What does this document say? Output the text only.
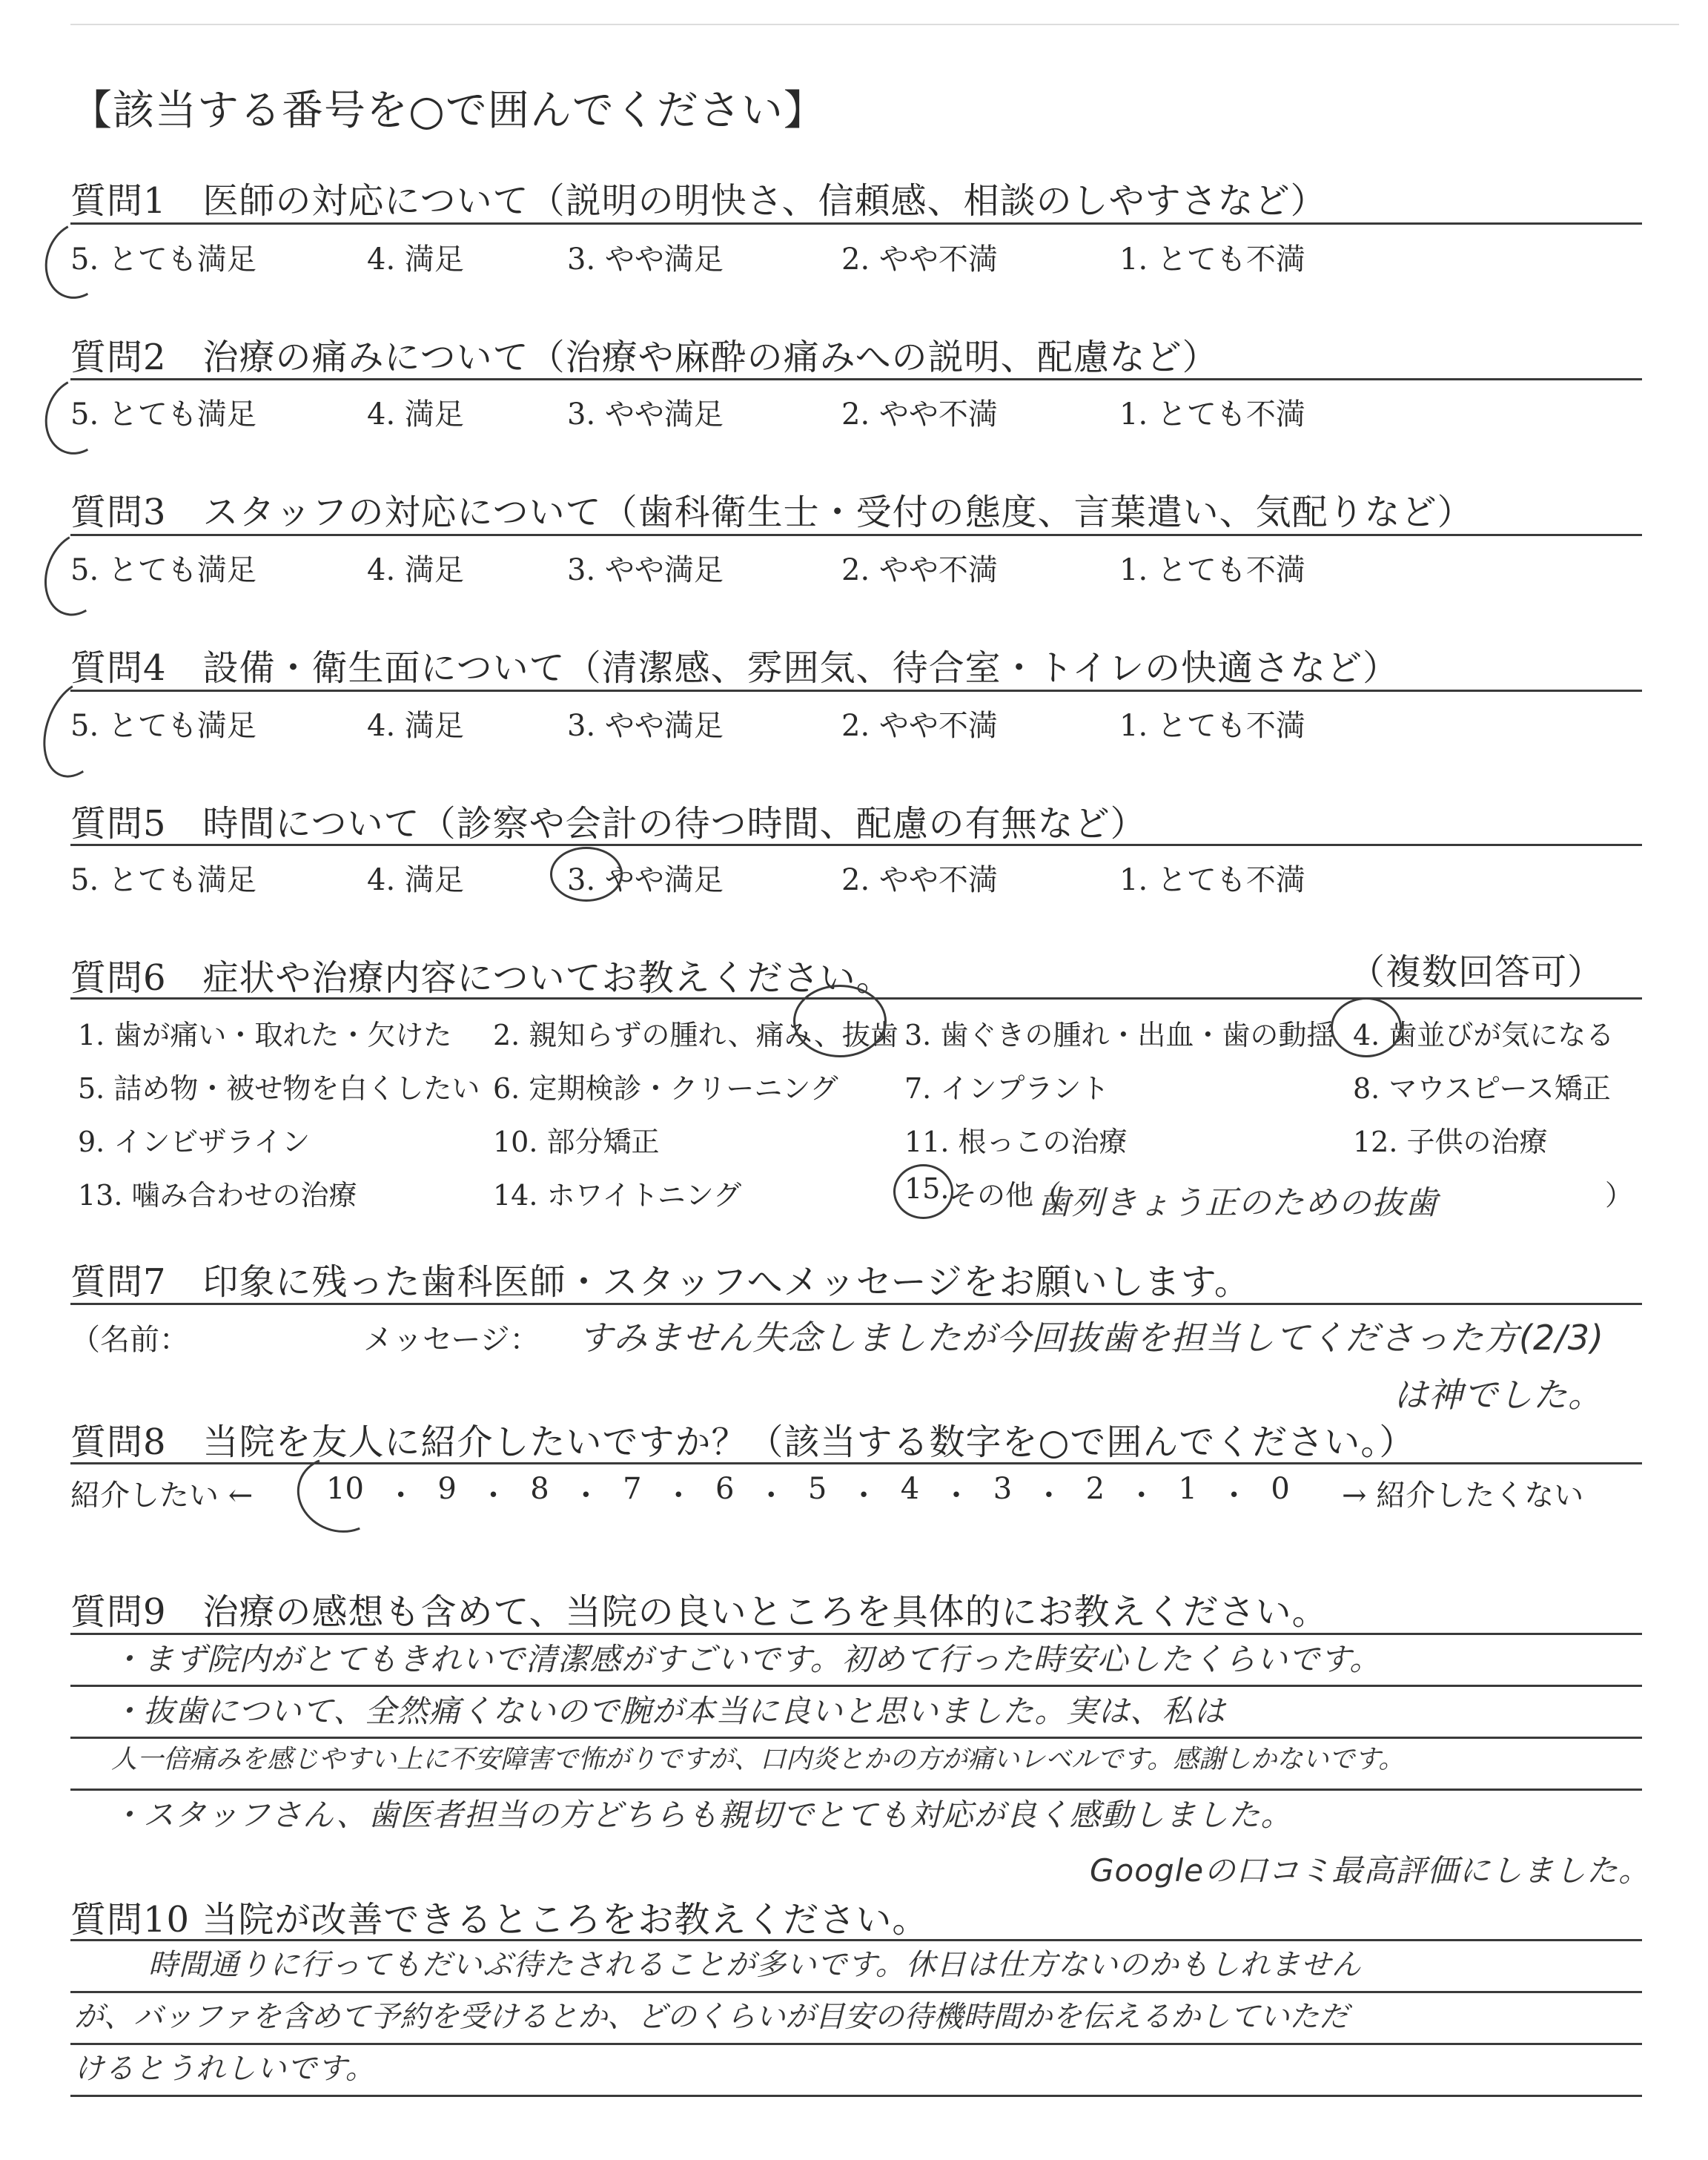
【該当する番号を○で囲んでください】
質問1　医師の対応について（説明の明快さ、信頼感、相談のしやすさなど）
5. とても満足	4. 満足	3. やや満足	2. やや不満	1. とても不満
質問2　治療の痛みについて（治療や麻酔の痛みへの説明、配慮など）
5. とても満足	4. 満足	3. やや満足	2. やや不満	1. とても不満
質問3　スタッフの対応について（歯科衛生士・受付の態度、言葉遣い、気配りなど）
5. とても満足	4. 満足	3. やや満足	2. やや不満	1. とても不満
質問4　設備・衛生面について（清潔感、雰囲気、待合室・トイレの快適さなど）
5. とても満足	4. 満足	3. やや満足	2. やや不満	1. とても不満
質問5　時間について（診察や会計の待つ時間、配慮の有無など）
5. とても満足	4. 満足	3. やや満足	2. やや不満	1. とても不満
質問6　症状や治療内容についてお教えください。	（複数回答可）
1. 歯が痛い・取れた・欠けた 2. 親知らずの腫れ、痛み、抜歯 3. 歯ぐきの腫れ・出血・歯の動揺 4. 歯並びが気になる
5. 詰め物・被せ物を白くしたい 6. 定期検診・クリーニング 7. インプラント	8. マウスピース矯正
9. インビザライン	10. 部分矯正	11. 根っこの治療	12. 子供の治療
13. 噛み合わせの治療	14. ホワイトニング	15. その他（
歯列きょう正のための抜歯	）
質問7　印象に残った歯科医師・スタッフへメッセージをお願いします。
（名前：	メッセージ： すみません失念しましたが今回抜歯を担当してくださった方(2/3)
は神でした。
質問8　当院を友人に紹介したいですか？（該当する数字を○で囲んでください。）
紹介したい ← 10 ・ 9 ・ 8 ・ 7 ・ 6 ・ 5 ・ 4 ・ 3 ・ 2 ・ 1 ・ 0 → 紹介したくない
質問9　治療の感想も含めて、当院の良いところを具体的にお教えください。
・まず院内がとてもきれいで清潔感がすごいです。初めて行った時安心したくらいです。
・抜歯について、全然痛くないので腕が本当に良いと思いました。実は、私は
人一倍痛みを感じやすい上に不安障害で怖がりですが、口内炎とかの方が痛いレベルです。感謝しかないです。
・スタッフさん、歯医者担当の方どちらも親切でとても対応が良く感動しました。
Googleの口コミ最高評価にしました。
質問10 当院が改善できるところをお教えください。
時間通りに行ってもだいぶ待たされることが多いです。休日は仕方ないのかもしれません
が、バッファを含めて予約を受けるとか、どのくらいが目安の待機時間かを伝えるかしていただ
けるとうれしいです。
